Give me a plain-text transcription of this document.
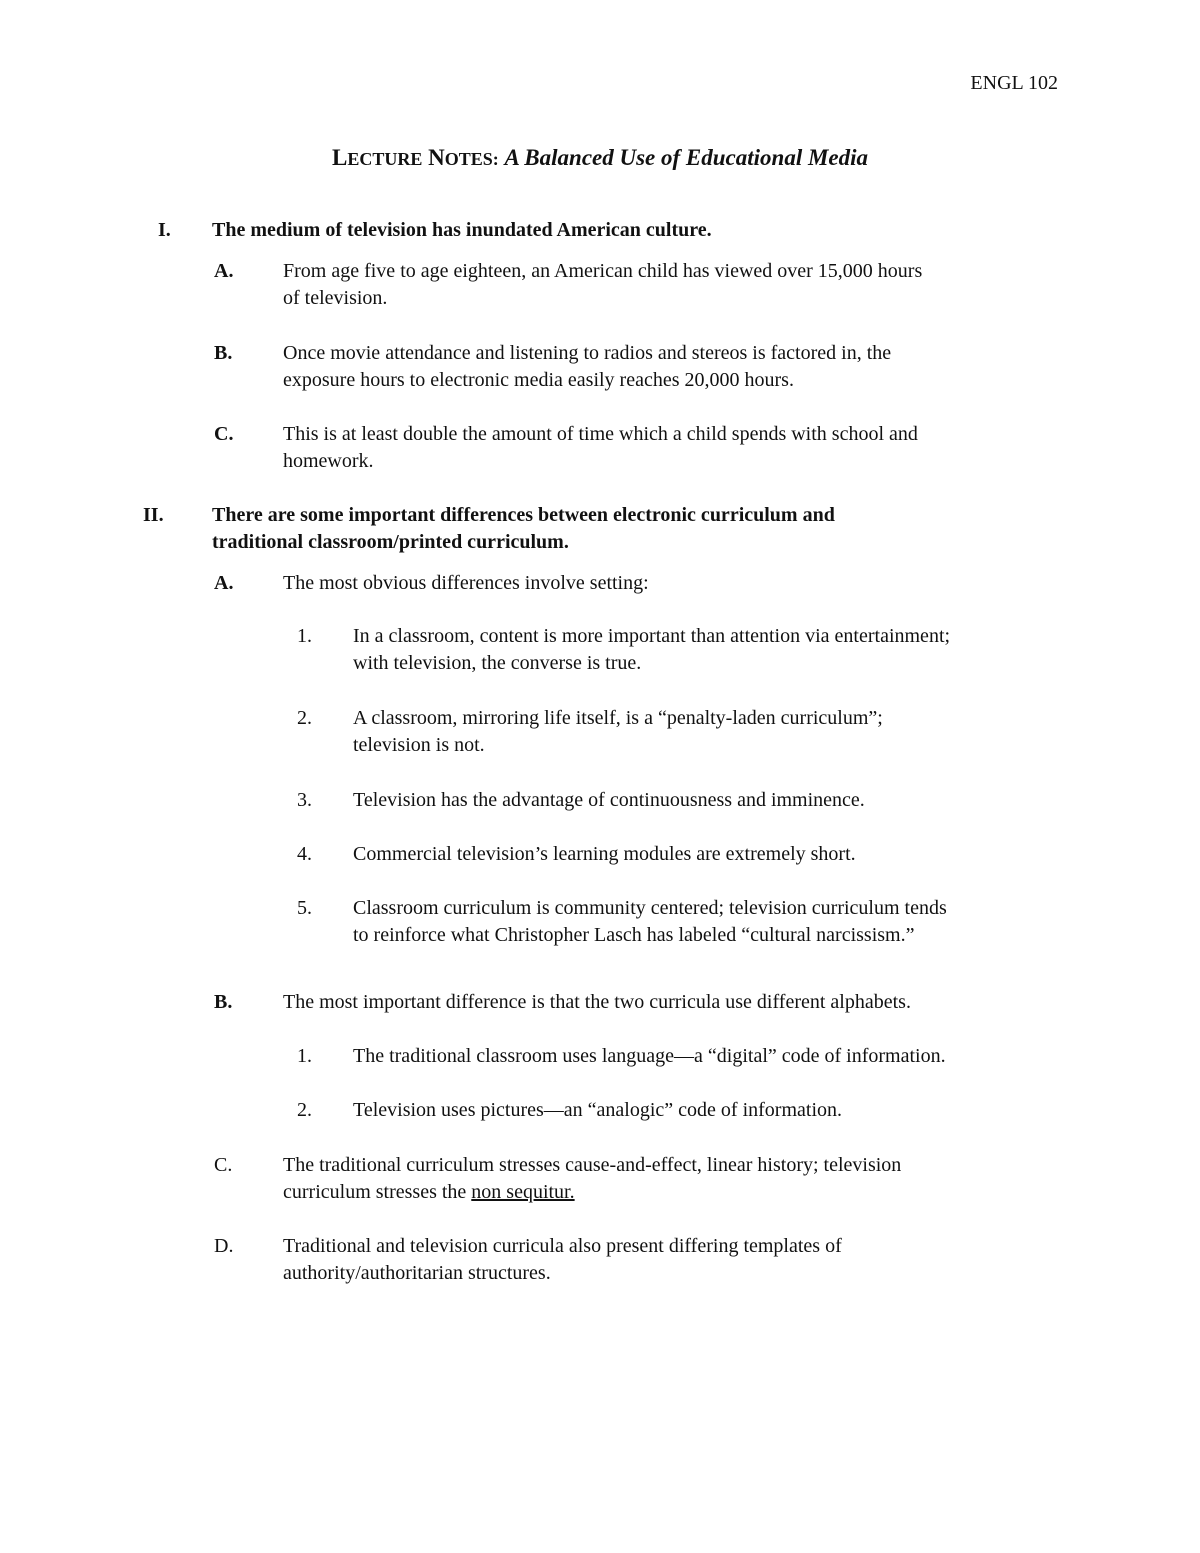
ENGL 102
LECTURE NOTES: A Balanced Use of Educational Media
I. The medium of television has inundated American culture.
A. From age five to age eighteen, an American child has viewed over 15,000 hours
of television.
B.	Once movie attendance and listening to radios and stereos is factored in, the
exposure hours to electronic media easily reaches 20,000 hours.
C. This is at least double the amount of time which a child spends with school and
homework.
II. There are some important differences between electronic curriculum and
traditional classroom/printed curriculum.
A. The most obvious differences involve setting:
1. In a classroom, content is more important than attention via entertainment;
with television, the converse is true.
2. A classroom, mirroring life itself, is a “penalty-laden curriculum”;
television is not.
3. Television has the advantage of continuousness and imminence.
4. Commercial television’s learning modules are extremely short.
5. Classroom curriculum is community centered; television curriculum tends
to reinforce what Christopher Lasch has labeled “cultural narcissism.”
B.	The most important difference is that the two curricula use different alphabets.
1. The traditional classroom uses language—a “digital” code of information.
2. Television uses pictures—an “analogic” code of information.
C.	The traditional curriculum stresses cause-and-effect, linear history; television
curriculum stresses the non sequitur.
D. Traditional and television curricula also present differing templates of
authority/authoritarian structures.
